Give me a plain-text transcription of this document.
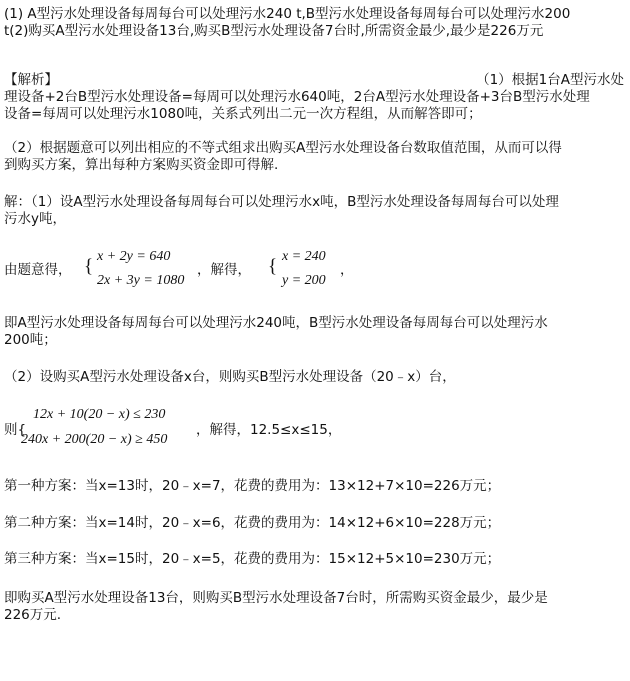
(1) A型污水处理设备每周每台可以处理污水240 t,B型污水处理设备每周每台可以处理污水200
t(2)购买A型污水处理设备13台,购买B型污水处理设备7台时,所需资金最少,最少是226万元
【解析】	（1）根据1台A型污水处
理设备+2台B型污水处理设备=每周可以处理污水640吨，2台A型污水处理设备+3台B型污水处理
设备=每周可以处理污水1080吨，关系式列出二元一次方程组，从而解答即可；
（2）根据题意可以列出相应的不等式组求出购买A型污水处理设备台数取值范围，从而可以得
到购买方案，算出每种方案购买资金即可得解.
解：（1）设A型污水处理设备每周每台可以处理污水x吨，B型污水处理设备每周每台可以处理
污水y吨，
由题意得， { x + 2y = 640
2x + 3y = 1080
，解得， { x = 240
y = 200
，
即A型污水处理设备每周每台可以处理污水240吨，B型污水处理设备每周每台可以处理污水
200吨；
（2）设购买A型污水处理设备x台，则购买B型污水处理设备（20﹣x）台，
则{
12x + 10(20 − x) ≤ 230
240x + 200(20 − x) ≥ 450
，解得，12.5≤x≤15，
第一种方案：当x=13时，20﹣x=7，花费的费用为：13×12+7×10=226万元；
第二种方案：当x=14时，20﹣x=6，花费的费用为：14×12+6×10=228万元；
第三种方案：当x=15时，20﹣x=5，花费的费用为：15×12+5×10=230万元；
即购买A型污水处理设备13台，则购买B型污水处理设备7台时，所需购买资金最少，最少是
226万元.
